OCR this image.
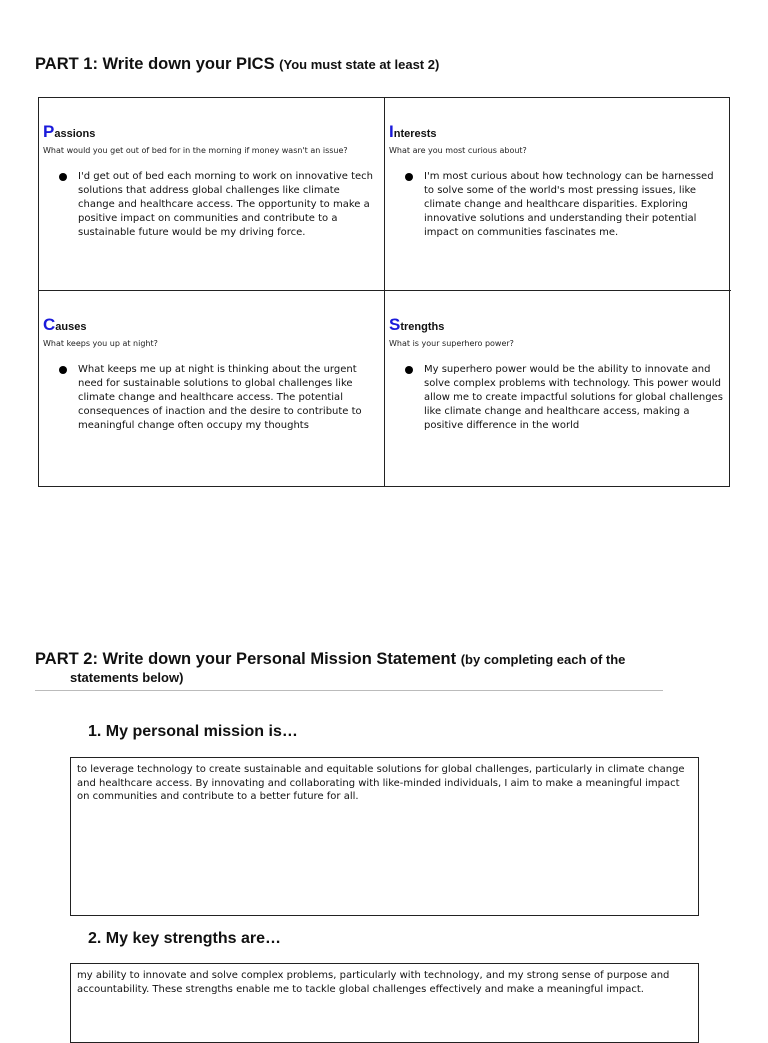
PART 1: Write down your PICS (You must state at least 2)
Passions
What would you get out of bed for in the morning if money wasn't an issue?
I'd get out of bed each morning to work on innovative tech solutions that address global challenges like climate change and healthcare access. The opportunity to make a positive impact on communities and contribute to a sustainable future would be my driving force.
Interests
What are you most curious about?
I'm most curious about how technology can be harnessed to solve some of the world's most pressing issues, like climate change and healthcare disparities. Exploring innovative solutions and understanding their potential impact on communities fascinates me.
Causes
What keeps you up at night?
What keeps me up at night is thinking about the urgent need for sustainable solutions to global challenges like climate change and healthcare access. The potential consequences of inaction and the desire to contribute to meaningful change often occupy my thoughts
Strengths
What is your superhero power?
My superhero power would be the ability to innovate and solve complex problems with technology. This power would allow me to create impactful solutions for global challenges like climate change and healthcare access, making a positive difference in the world
PART 2: Write down your Personal Mission Statement (by completing each of the
statements below)
1. My personal mission is…
to leverage technology to create sustainable and equitable solutions for global challenges, particularly in climate change and healthcare access. By innovating and collaborating with like-minded individuals, I aim to make a meaningful impact on communities and contribute to a better future for all.
2. My key strengths are…
my ability to innovate and solve complex problems, particularly with technology, and my strong sense of purpose and accountability. These strengths enable me to tackle global challenges effectively and make a meaningful impact.
